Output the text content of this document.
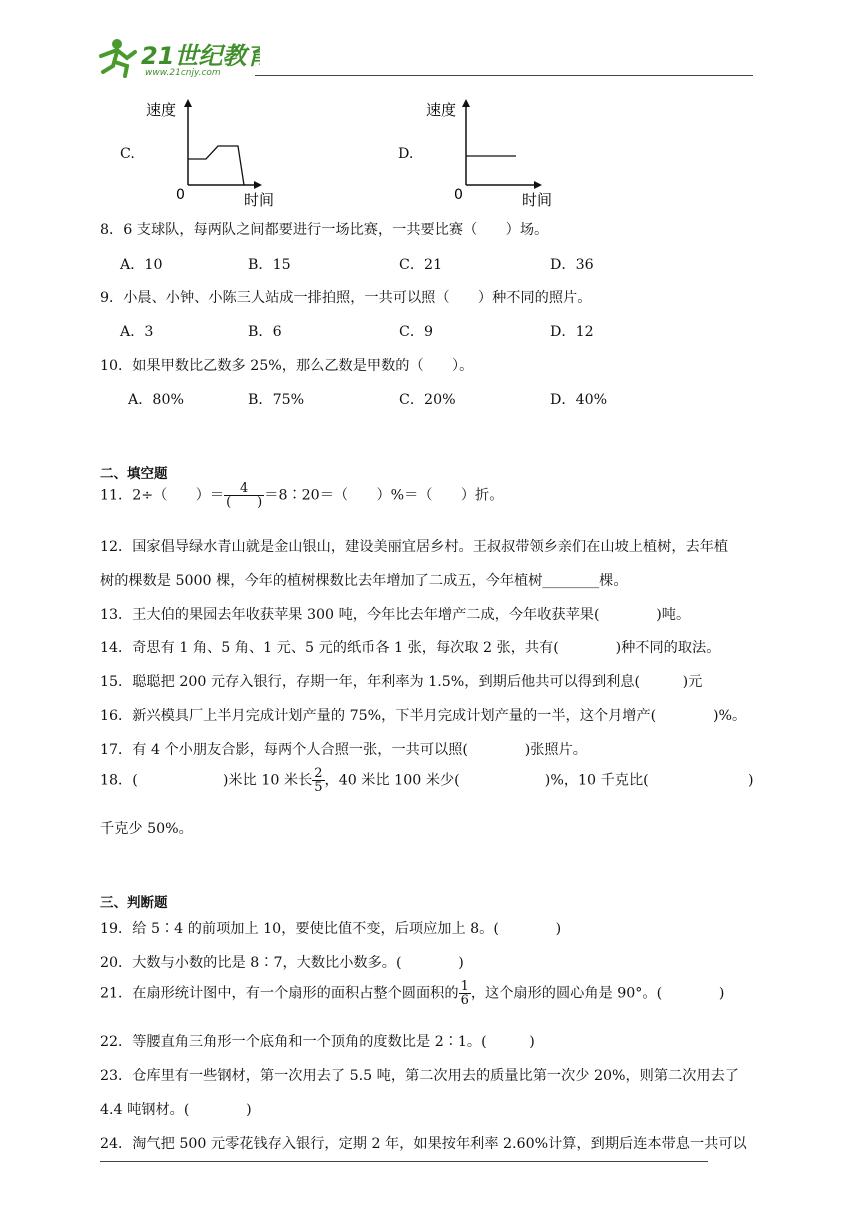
21世纪教育
www.21cnjy.com
C.
速度
0	时间
D.
速度
0	时间
8．6 支球队，每两队之间都要进行一场比赛，一共要比赛（　　）场。
A．10	B．15	C．21	D．36
9．小晨、小钟、小陈三人站成一排拍照，一共可以照（　　）种不同的照片。
A．3	B．6	C．9	D．12
10．如果甲数比乙数多 25%，那么乙数是甲数的（　　）。
A．80%	B．75%	C．20%	D．40%
二、填空题
11．2÷（　　）＝ $\frac{4}{( )}$ ＝8∶20＝（　　）%＝（　　）折。
12．国家倡导绿水青山就是金山银山，建设美丽宜居乡村。王叔叔带领乡亲们在山坡上植树，去年植
树的棵数是 5000 棵，今年的植树棵数比去年增加了二成五，今年植树________棵。
13．王大伯的果园去年收获苹果 300 吨，今年比去年增产二成，今年收获苹果(　　　　)吨。
14．奇思有 1 角、5 角、1 元、5 元的纸币各 1 张，每次取 2 张，共有(　　　　)种不同的取法。
15．聪聪把 200 元存入银行，存期一年，年利率为 1.5%，到期后他共可以得到利息(　　　)元
16．新兴模具厂上半月完成计划产量的 75%，下半月完成计划产量的一半，这个月增产(　　　　)%。
17．有 4 个小朋友合影，每两个人合照一张，一共可以照(　　　　)张照片。
18．(　　　　　　)米比 10 米长 $\frac{2}{5}$ ，40 米比 100 米少(　　　　　　)%，10 千克比(　　　　　　　)
千克少 50%。
三、判断题
19．给 5∶4 的前项加上 10，要使比值不变，后项应加上 8。(　　　　)
20．大数与小数的比是 8∶7，大数比小数多。(　　　　)
21．在扇形统计图中，有一个扇形的面积占整个圆面积的 $\frac{1}{6}$ ，这个扇形的圆心角是 90°。(　　　　)
22．等腰直角三角形一个底角和一个顶角的度数比是 2∶1。(　　　)
23．仓库里有一些钢材，第一次用去了 5.5 吨，第二次用去的质量比第一次少 20%，则第二次用去了
4.4 吨钢材。(　　　　)
24．淘气把 500 元零花钱存入银行，定期 2 年，如果按年利率 2.60%计算，到期后连本带息一共可以
